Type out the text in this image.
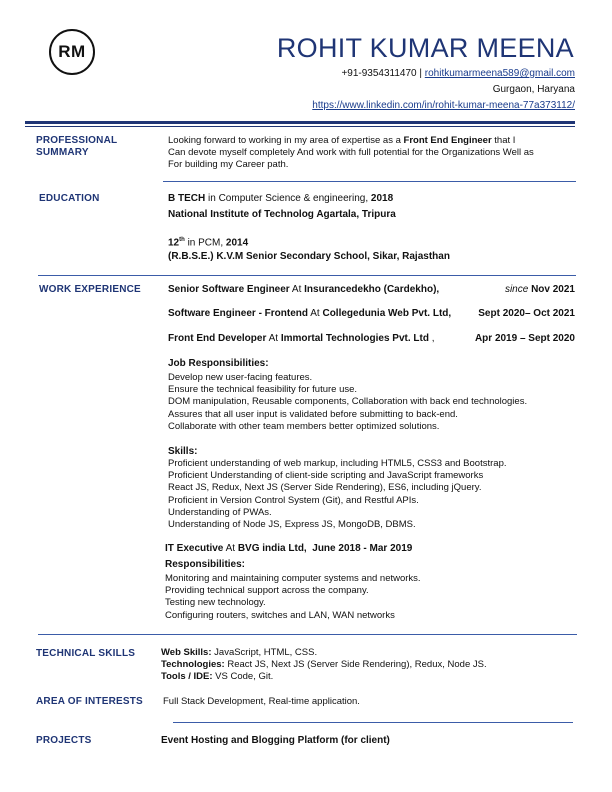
RM	ROHIT KUMAR MEENA
+91-9354311470 | rohitkumarmeena589@gmail.com
Gurgaon, Haryana
https://www.linkedin.com/in/rohit-kumar-meena-77a373112/
PROFESSIONAL
SUMMARY
Looking forward to working in my area of expertise as a Front End Engineer that I
Can devote myself completely And work with full potential for the Organizations Well as
For building my Career path.
EDUCATION	B TECH in Computer Science & engineering, 2018
National Institute of Technolog Agartala, Tripura
12th in PCM, 2014
(R.B.S.E.) K.V.M Senior Secondary School, Sikar, Rajasthan
WORK EXPERIENCE	Senior Software Engineer At Insurancedekho (Cardekho),	since Nov 2021
Software Engineer - Frontend At Collegedunia Web Pvt. Ltd,	Sept 2020– Oct 2021
Front End Developer At Immortal Technologies Pvt. Ltd ,	Apr 2019 – Sept 2020
Job Responsibilities:
Develop new user-facing features.
Ensure the technical feasibility for future use.
DOM manipulation, Reusable components, Collaboration with back end technologies.
Assures that all user input is validated before submitting to back-end.
Collaborate with other team members better optimized solutions.
Skills:
Proficient understanding of web markup, including HTML5, CSS3 and Bootstrap.
Proficient Understanding of client-side scripting and JavaScript frameworks
React JS, Redux, Next JS (Server Side Rendering), ES6, including jQuery.
Proficient in Version Control System (Git), and Restful APIs.
Understanding of PWAs.
Understanding of Node JS, Express JS, MongoDB, DBMS.
IT Executive At BVG india Ltd, June 2018 - Mar 2019
Responsibilities:
Monitoring and maintaining computer systems and networks.
Providing technical support across the company.
Testing new technology.
Configuring routers, switches and LAN, WAN networks
TECHNICAL SKILLS	Web Skills: JavaScript, HTML, CSS.
Technologies: React JS, Next JS (Server Side Rendering), Redux, Node JS.
Tools / IDE: VS Code, Git.
AREA OF INTERESTS Full Stack Development, Real-time application.
PROJECTS	Event Hosting and Blogging Platform (for client)
